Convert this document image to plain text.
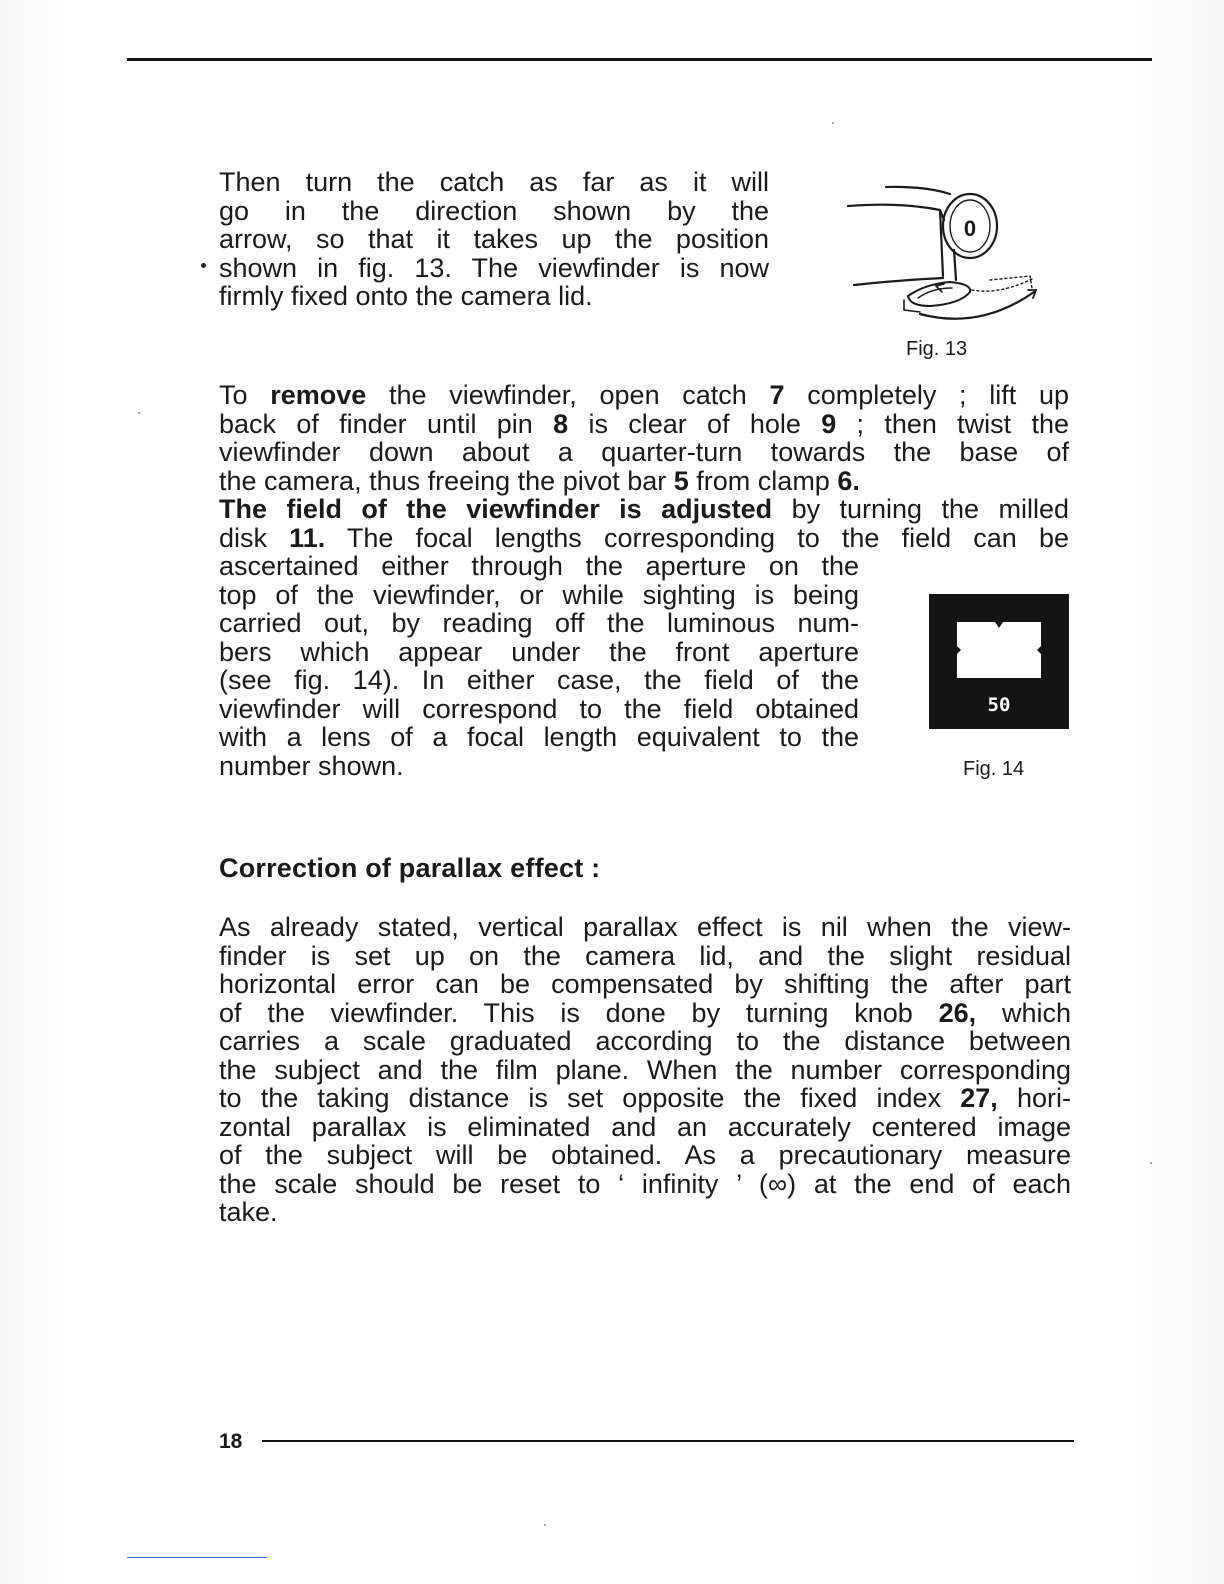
Then turn the catch as far as it will
go in the direction shown by the
arrow, so that it takes up the position
shown in fig. 13. The viewfinder is now
firmly fixed onto the camera lid.

0

Fig. 13

To remove the viewfinder, open catch 7 completely ; lift up
back of finder until pin 8 is clear of hole 9 ; then twist the
viewfinder down about a quarter-turn towards the base of
the camera, thus freeing the pivot bar 5 from clamp 6.
The field of the viewfinder is adjusted by turning the milled
disk 11. The focal lengths corresponding to the field can be

ascertained either through the aperture on the
top of the viewfinder, or while sighting is being
carried out, by reading off the luminous num-
bers which appear under the front aperture
(see fig. 14). In either case, the field of the
viewfinder will correspond to the field obtained
with a lens of a focal length equivalent to the
number shown.

50

Fig. 14

Correction of parallax effect :

As already stated, vertical parallax effect is nil when the view-
finder is set up on the camera lid, and the slight residual
horizontal error can be compensated by shifting the after part
of the viewfinder. This is done by turning knob 26, which
carries a scale graduated according to the distance between
the subject and the film plane. When the number corresponding
to the taking distance is set opposite the fixed index 27, hori-
zontal parallax is eliminated and an accurately centered image
of the subject will be obtained. As a precautionary measure
the scale should be reset to ‘ infinity ’ (∞) at the end of each
take.

18
